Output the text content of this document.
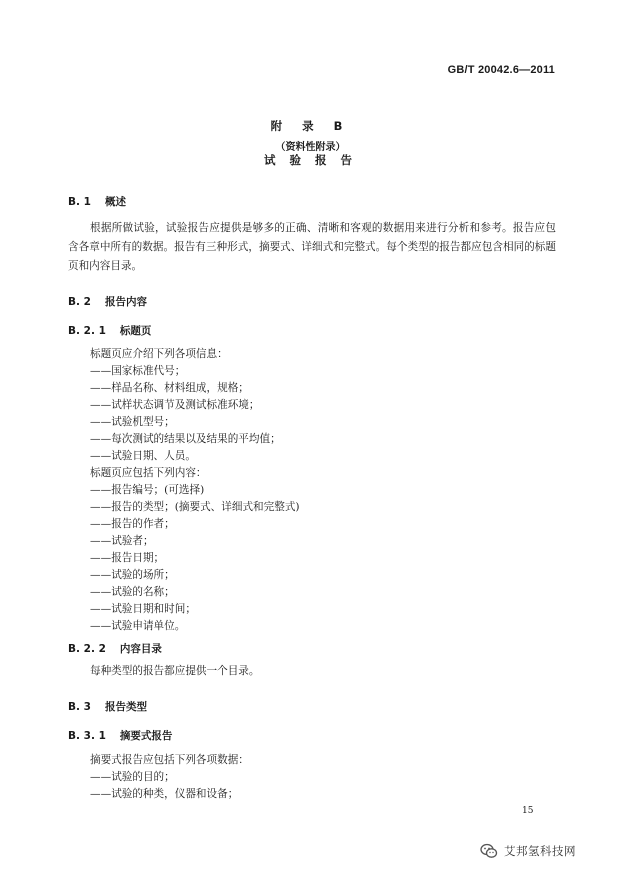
GB/T 20042.6—2011
附 录 B
（资料性附录）
试 验 报 告
B. 1 概述
根据所做试验，试验报告应提供是够多的正确、清晰和客观的数据用来进行分析和参考。报告应包含各章中所有的数据。报告有三种形式，摘要式、详细式和完整式。每个类型的报告都应包含相同的标题页和内容目录。
B. 2 报告内容
B. 2. 1 标题页
标题页应介绍下列各项信息：
——国家标准代号；
——样品名称、材料组成，规格；
——试样状态调节及测试标准环境；
——试验机型号；
——每次测试的结果以及结果的平均值；
——试验日期、人员。
标题页应包括下列内容：
——报告编号；(可选择)
——报告的类型；(摘要式、详细式和完整式)
——报告的作者；
——试验者；
——报告日期；
——试验的场所；
——试验的名称；
——试验日期和时间；
——试验申请单位。
B. 2. 2 内容目录
每种类型的报告都应提供一个目录。
B. 3 报告类型
B. 3. 1 摘要式报告
摘要式报告应包括下列各项数据：
——试验的目的；
——试验的种类，仪器和设备；
15
艾邦氢科技网
